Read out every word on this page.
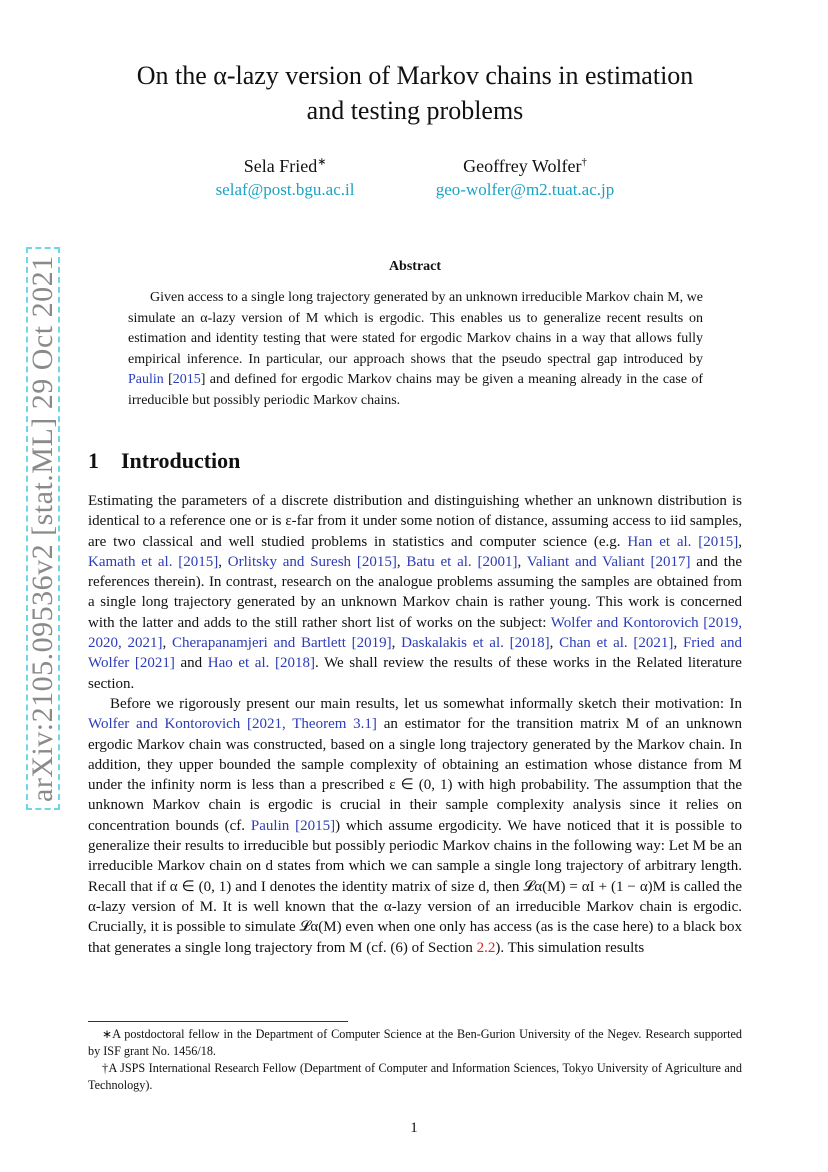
arXiv:2105.09536v2 [stat.ML] 29 Oct 2021
On the α-lazy version of Markov chains in estimation
and testing problems
Sela Fried∗
selaf@post.bgu.ac.il
Geoffrey Wolfer†
geo-wolfer@m2.tuat.ac.jp
Abstract
Given access to a single long trajectory generated by an unknown irreducible Markov chain M, we simulate an α-lazy version of M which is ergodic. This enables us to generalize recent results on estimation and identity testing that were stated for ergodic Markov chains in a way that allows fully empirical inference. In particular, our approach shows that the pseudo spectral gap introduced by Paulin [2015] and defined for ergodic Markov chains may be given a meaning already in the case of irreducible but possibly periodic Markov chains.
1 Introduction

Estimating the parameters of a discrete distribution and distinguishing whether an unknown distribution is identical to a reference one or is ε-far from it under some notion of distance, assuming access to iid samples, are two classical and well studied problems in statistics and computer science (e.g. Han et al. [2015], Kamath et al. [2015], Orlitsky and Suresh [2015], Batu et al. [2001], Valiant and Valiant [2017] and the references therein). In contrast, research on the analogue problems assuming the samples are obtained from a single long trajectory generated by an unknown Markov chain is rather young. This work is concerned with the latter and adds to the still rather short list of works on the subject: Wolfer and Kontorovich [2019, 2020, 2021], Cherapanamjeri and Bartlett [2019], Daskalakis et al. [2018], Chan et al. [2021], Fried and Wolfer [2021] and Hao et al. [2018]. We shall review the results of these works in the Related literature section.

Before we rigorously present our main results, let us somewhat informally sketch their motivation: In Wolfer and Kontorovich [2021, Theorem 3.1] an estimator for the transition matrix M of an unknown ergodic Markov chain was constructed, based on a single long trajectory generated by the Markov chain. In addition, they upper bounded the sample complexity of obtaining an estimation whose distance from M under the infinity norm is less than a prescribed ε ∈ (0, 1) with high probability. The assumption that the unknown Markov chain is ergodic is crucial in their sample complexity analysis since it relies on concentration bounds (cf. Paulin [2015]) which assume ergodicity. We have noticed that it is possible to generalize their results to irreducible but possibly periodic Markov chains in the following way: Let M be an irreducible Markov chain on d states from which we can sample a single long trajectory of arbitrary length. Recall that if α ∈ (0, 1) and I denotes the identity matrix of size d, then 𝓛α(M) = αI + (1 − α)M is called the α-lazy version of M. It is well known that the α-lazy version of an irreducible Markov chain is ergodic. Crucially, it is possible to simulate 𝓛α(M) even when one only has access (as is the case here) to a black box that generates a single long trajectory from M (cf. (6) of Section 2.2). This simulation results

∗A postdoctoral fellow in the Department of Computer Science at the Ben-Gurion University of the Negev. Research supported by ISF grant No. 1456/18.

†A JSPS International Research Fellow (Department of Computer and Information Sciences, Tokyo University of Agriculture and Technology).

1
